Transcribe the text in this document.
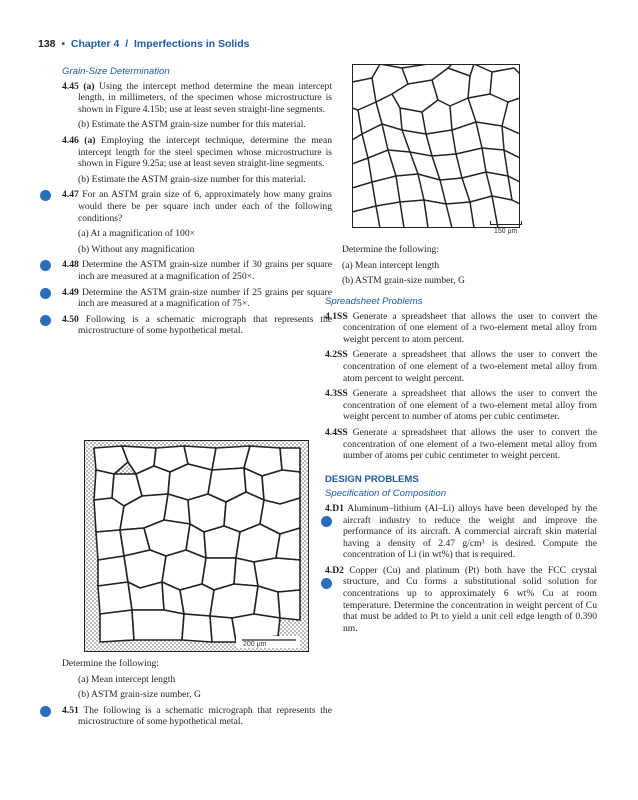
138 • Chapter 4 / Imperfections in Solids
Grain-Size Determination
4.45 (a) Using the intercept method determine the mean intercept length, in millimeters, of the specimen whose microstructure is shown in Figure 4.15b; use at least seven straight-line segments.
(b) Estimate the ASTM grain-size number for this material.
4.46 (a) Employing the intercept technique, determine the mean intercept length for the steel specimen whose microstructure is shown in Figure 9.25a; use at least seven straight-line segments.
(b) Estimate the ASTM grain-size number for this material.
+	4.47 For an ASTM grain size of 6, approximately how many grains would there be per square inch under each of the following conditions?
(a) At a magnification of 100×
(b) Without any magnification
+	4.48 Determine the ASTM grain-size number if 30 grains per square inch are measured at a magnification of 250×.
+	4.49 Determine the ASTM grain-size number if 25 grains per square inch are measured at a magnification of 75×.
+	4.50 Following is a schematic micrograph that represents the microstructure of some hypothetical metal.
200 μm
Determine the following:
(a) Mean intercept length
(b) ASTM grain-size number, G
+	4.51 The following is a schematic micrograph that represents the microstructure of some hypothetical metal.
150 μm
Determine the following:
(a) Mean intercept length
(b) ASTM grain-size number, G
Spreadsheet Problems
4.1SS Generate a spreadsheet that allows the user to convert the concentration of one element of a two-element metal alloy from weight percent to atom percent.
4.2SS Generate a spreadsheet that allows the user to convert the concentration of one element of a two-element metal alloy from atom percent to weight percent.
4.3SS Generate a spreadsheet that allows the user to convert the concentration of one element of a two-element metal alloy from weight percent to number of atoms per cubic centimeter.
4.4SS Generate a spreadsheet that allows the user to convert the concentration of one element of a two-element metal alloy from number of atoms per cubic centimeter to weight percent.
DESIGN PROBLEMS
Specification of Composition
+
4.D1 Aluminum–lithium (Al–Li) alloys have been developed by the aircraft industry to reduce the weight and improve the performance of its aircraft. A commercial aircraft skin material having a density of 2.47 g/cm³ is desired. Compute the concentration of Li (in wt%) that is required.
+
4.D2 Copper (Cu) and platinum (Pt) both have the FCC crystal structure, and Cu forms a substitutional solid solution for concentrations up to approximately 6 wt% Cu at room temperature. Determine the concentration in weight percent of Cu that must be added to Pt to yield a unit cell edge length of 0.390 nm.
